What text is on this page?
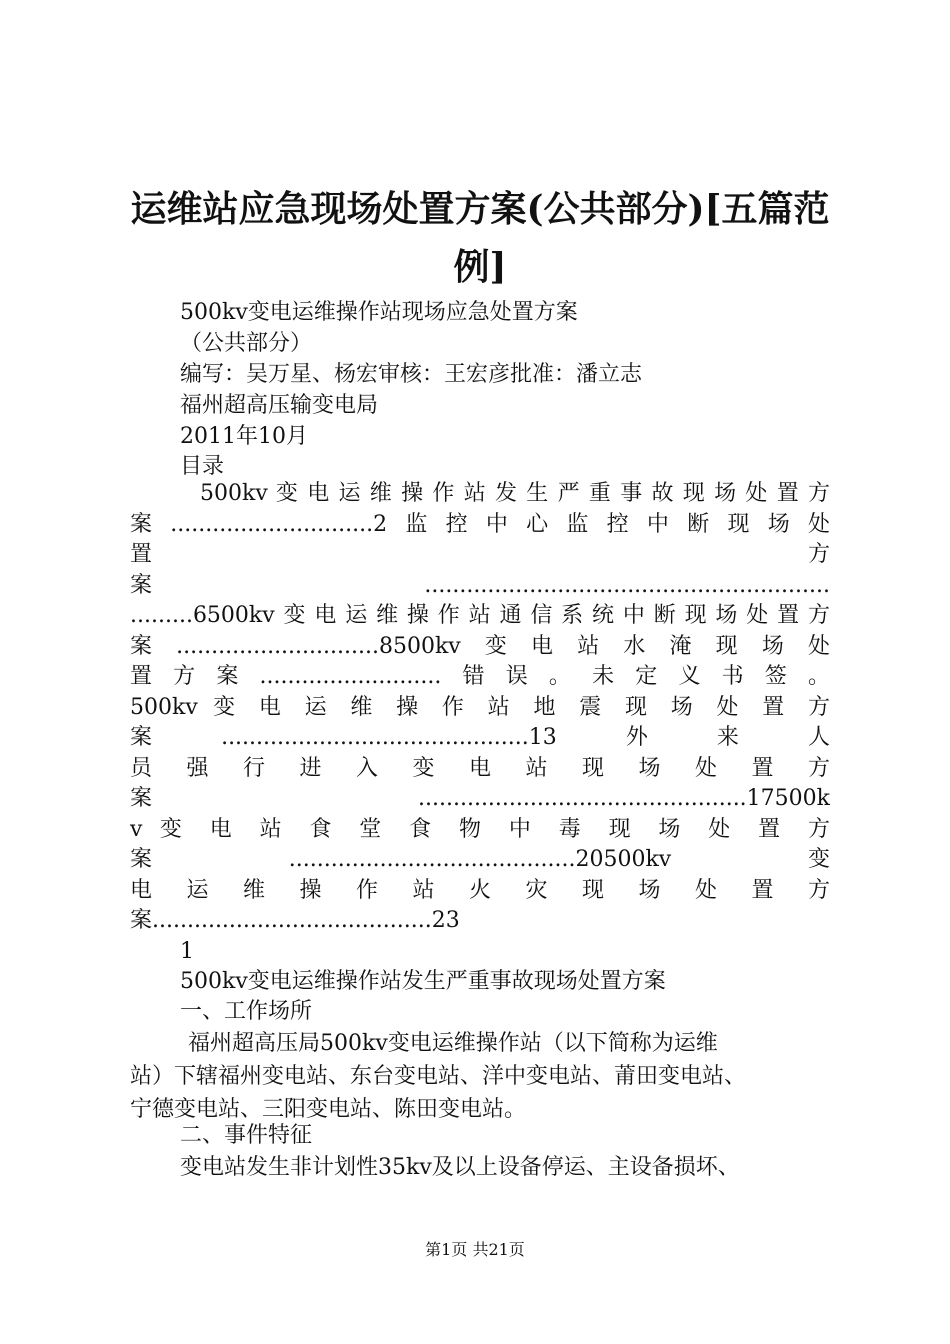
运维站应急现场处置方案(公共部分)[五篇范
例]

500kv变电运维操作站现场应急处置方案

（公共部分）

编写：吴万星、杨宏审核：王宏彦批准：潘立志

福州超高压输变电局

2011年10月

目录

500kv 变 电 运 维 操 作 站 发 生 严 重 事 故 现 场 处 置 方
案.............................2监控中心监控中断现场处
置 方
案..........................................................
.........6500kv变电运维操作站通信系统中断现场处置方
案.............................8500kv变电站水淹现场处
置方案..........................错误。未定义书签。
500kv 变 电 运 维 操 作 站 地 震 现 场 处 置 方
案............................................13外来人
员 强 行 进 入 变 电 站 现 场 处 置 方
案...............................................17500k
v 变 电 站 食 堂 食 物 中 毒 现 场 处 置 方
案.........................................20500kv变
电 运 维 操 作 站 火 灾 现 场 处 置 方
案........................................23

1

500kv变电运维操作站发生严重事故现场处置方案

一、工作场所

福州超高压局500kv变电运维操作站（以下简称为运维
站）下辖福州变电站、东台变电站、洋中变电站、莆田变电站、
宁德变电站、三阳变电站、陈田变电站。

二、事件特征

变电站发生非计划性35kv及以上设备停运、主设备损坏、

第1页 共21页
